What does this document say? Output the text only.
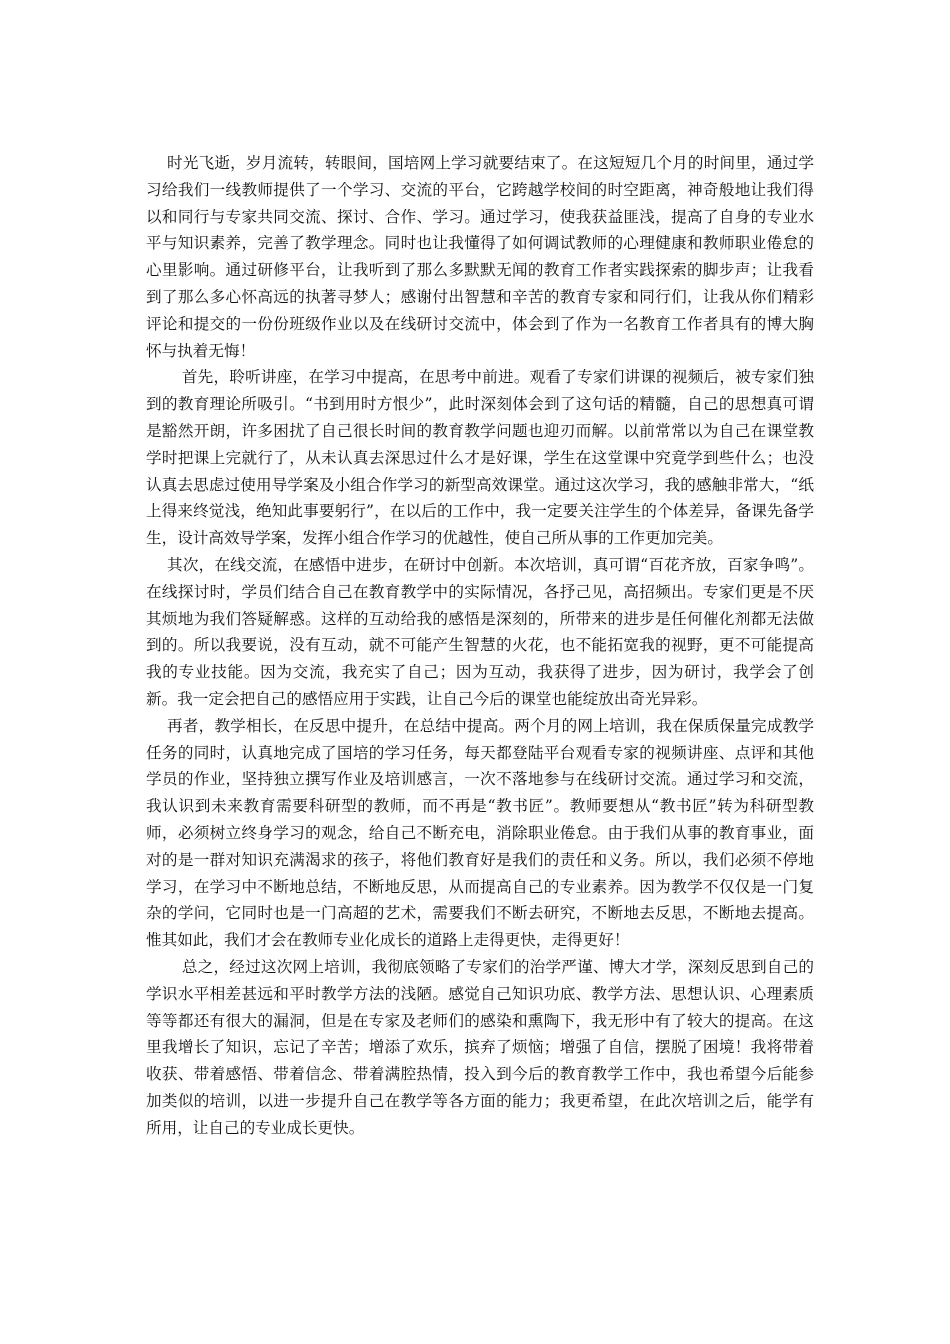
时光飞逝，岁月流转，转眼间，国培网上学习就要结束了。在这短短几个月的时间里，通过学习给我们一线教师提供了一个学习、交流的平台，它跨越学校间的时空距离，神奇般地让我们得以和同行与专家共同交流、探讨、合作、学习。通过学习，使我获益匪浅，提高了自身的专业水平与知识素养，完善了教学理念。同时也让我懂得了如何调试教师的心理健康和教师职业倦怠的心里影响。通过研修平台，让我听到了那么多默默无闻的教育工作者实践探索的脚步声；让我看到了那么多心怀高远的执著寻梦人；感谢付出智慧和辛苦的教育专家和同行们，让我从你们精彩评论和提交的一份份班级作业以及在线研讨交流中，体会到了作为一名教育工作者具有的博大胸怀与执着无悔！

首先，聆听讲座，在学习中提高，在思考中前进。观看了专家们讲课的视频后，被专家们独到的教育理论所吸引。“书到用时方恨少”，此时深刻体会到了这句话的精髓，自己的思想真可谓是豁然开朗，许多困扰了自己很长时间的教育教学问题也迎刃而解。以前常常以为自己在课堂教学时把课上完就行了，从未认真去深思过什么才是好课，学生在这堂课中究竟学到些什么；也没认真去思虑过使用导学案及小组合作学习的新型高效课堂。通过这次学习，我的感触非常大，“纸上得来终觉浅，绝知此事要躬行”，在以后的工作中，我一定要关注学生的个体差异，备课先备学生，设计高效导学案，发挥小组合作学习的优越性，使自己所从事的工作更加完美。

其次，在线交流，在感悟中进步，在研讨中创新。本次培训，真可谓“百花齐放，百家争鸣”。在线探讨时，学员们结合自己在教育教学中的实际情况，各抒己见，高招频出。专家们更是不厌其烦地为我们答疑解惑。这样的互动给我的感悟是深刻的，所带来的进步是任何催化剂都无法做到的。所以我要说，没有互动，就不可能产生智慧的火花，也不能拓宽我的视野，更不可能提高我的专业技能。因为交流，我充实了自己；因为互动，我获得了进步，因为研讨，我学会了创新。我一定会把自己的感悟应用于实践，让自己今后的课堂也能绽放出奇光异彩。

再者，教学相长，在反思中提升，在总结中提高。两个月的网上培训，我在保质保量完成教学任务的同时，认真地完成了国培的学习任务，每天都登陆平台观看专家的视频讲座、点评和其他学员的作业，坚持独立撰写作业及培训感言，一次不落地参与在线研讨交流。通过学习和交流，我认识到未来教育需要科研型的教师，而不再是“教书匠”。教师要想从“教书匠”转为科研型教师，必须树立终身学习的观念，给自己不断充电，消除职业倦怠。由于我们从事的教育事业，面对的是一群对知识充满渴求的孩子，将他们教育好是我们的责任和义务。所以，我们必须不停地学习，在学习中不断地总结，不断地反思，从而提高自己的专业素养。因为教学不仅仅是一门复杂的学问，它同时也是一门高超的艺术，需要我们不断去研究，不断地去反思，不断地去提高。惟其如此，我们才会在教师专业化成长的道路上走得更快，走得更好！

总之，经过这次网上培训，我彻底领略了专家们的治学严谨、博大才学，深刻反思到自己的学识水平相差甚远和平时教学方法的浅陋。感觉自己知识功底、教学方法、思想认识、心理素质等等都还有很大的漏洞，但是在专家及老师们的感染和熏陶下，我无形中有了较大的提高。在这里我增长了知识，忘记了辛苦；增添了欢乐，摈弃了烦恼；增强了自信，摆脱了困境！我将带着收获、带着感悟、带着信念、带着满腔热情，投入到今后的教育教学工作中，我也希望今后能参加类似的培训，以进一步提升自己在教学等各方面的能力；我更希望，在此次培训之后，能学有所用，让自己的专业成长更快。
